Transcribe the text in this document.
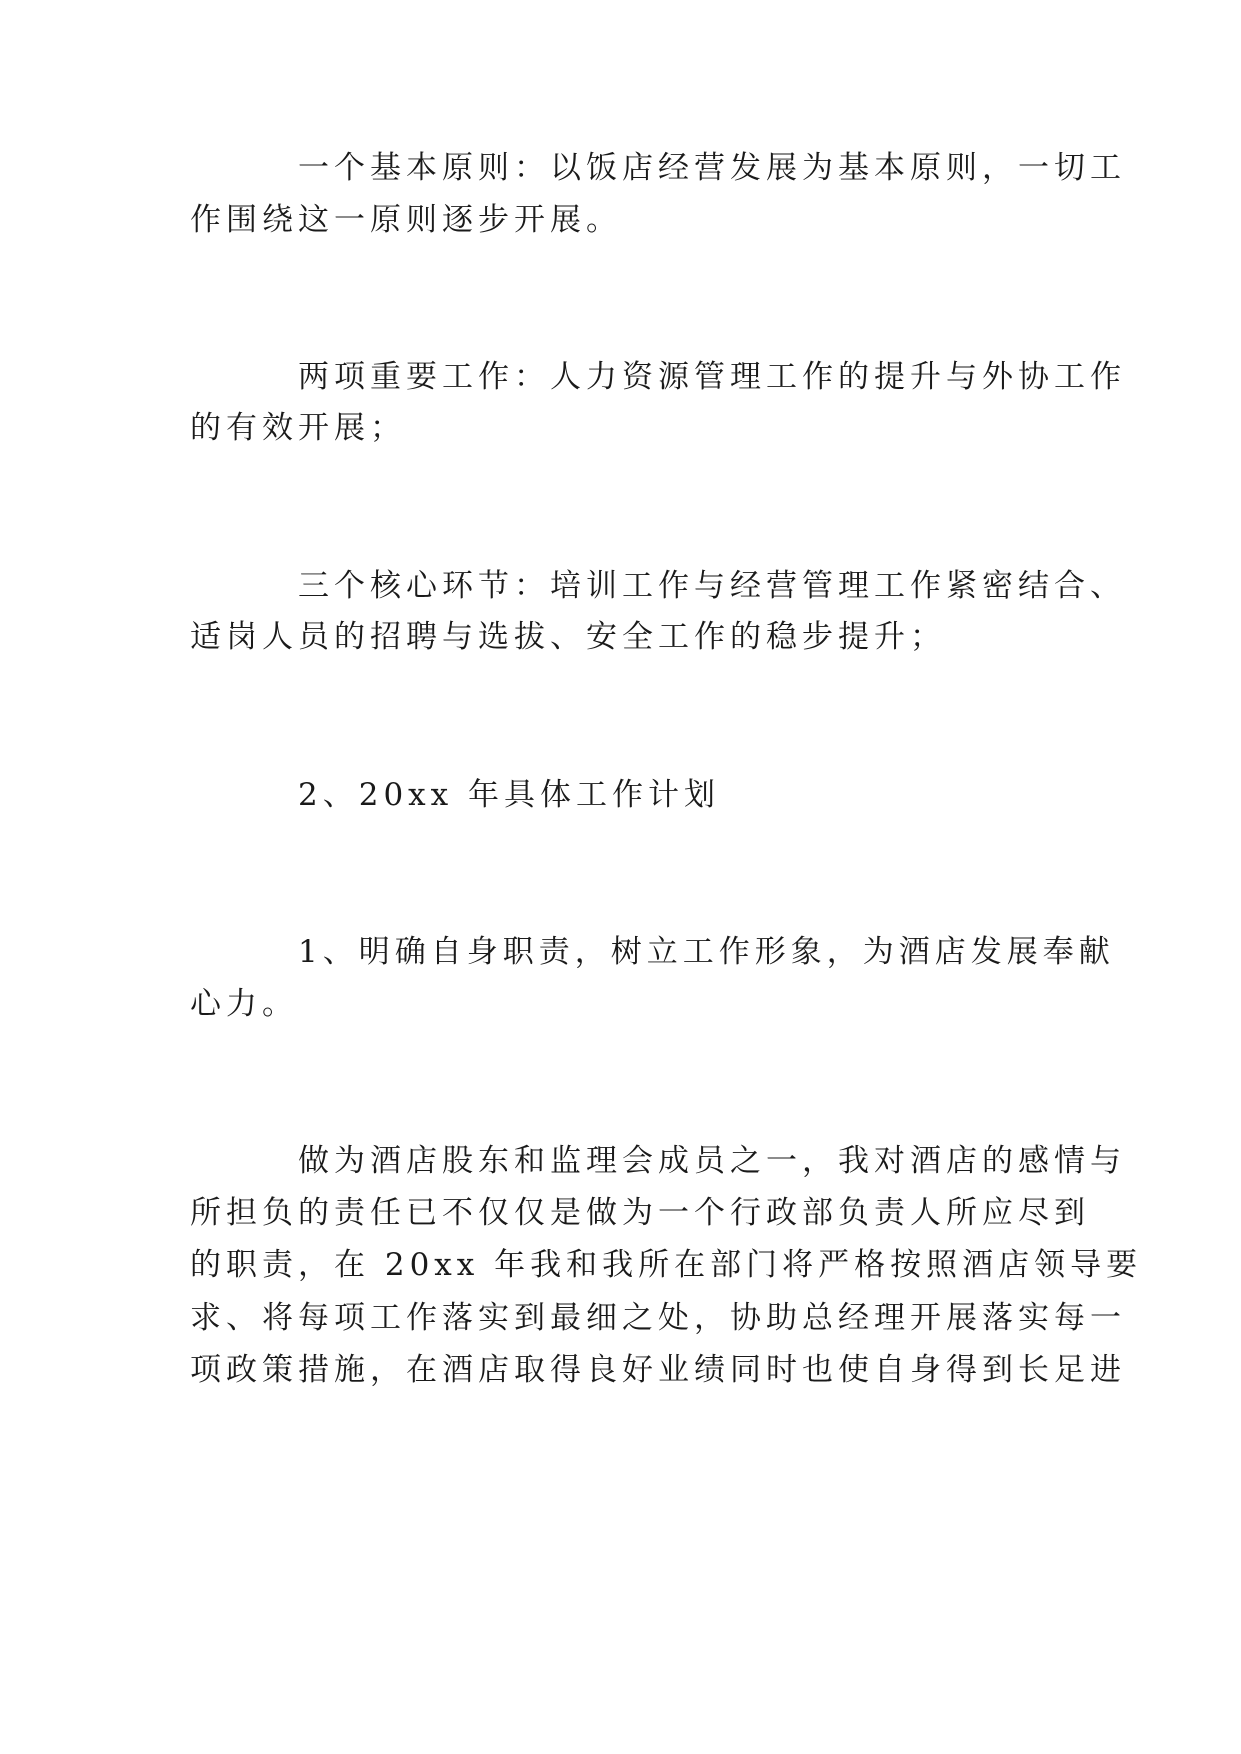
一个基本原则：以饭店经营发展为基本原则，一切工
作围绕这一原则逐步开展。
两项重要工作：人力资源管理工作的提升与外协工作
的有效开展；
三个核心环节：培训工作与经营管理工作紧密结合、
适岗人员的招聘与选拔、安全工作的稳步提升；
2、20xx 年具体工作计划
1、明确自身职责，树立工作形象，为酒店发展奉献
心力。
做为酒店股东和监理会成员之一，我对酒店的感情与
所担负的责任已不仅仅是做为一个行政部负责人所应尽到
的职责，在 20xx 年我和我所在部门将严格按照酒店领导要
求、将每项工作落实到最细之处，协助总经理开展落实每一
项政策措施，在酒店取得良好业绩同时也使自身得到长足进
